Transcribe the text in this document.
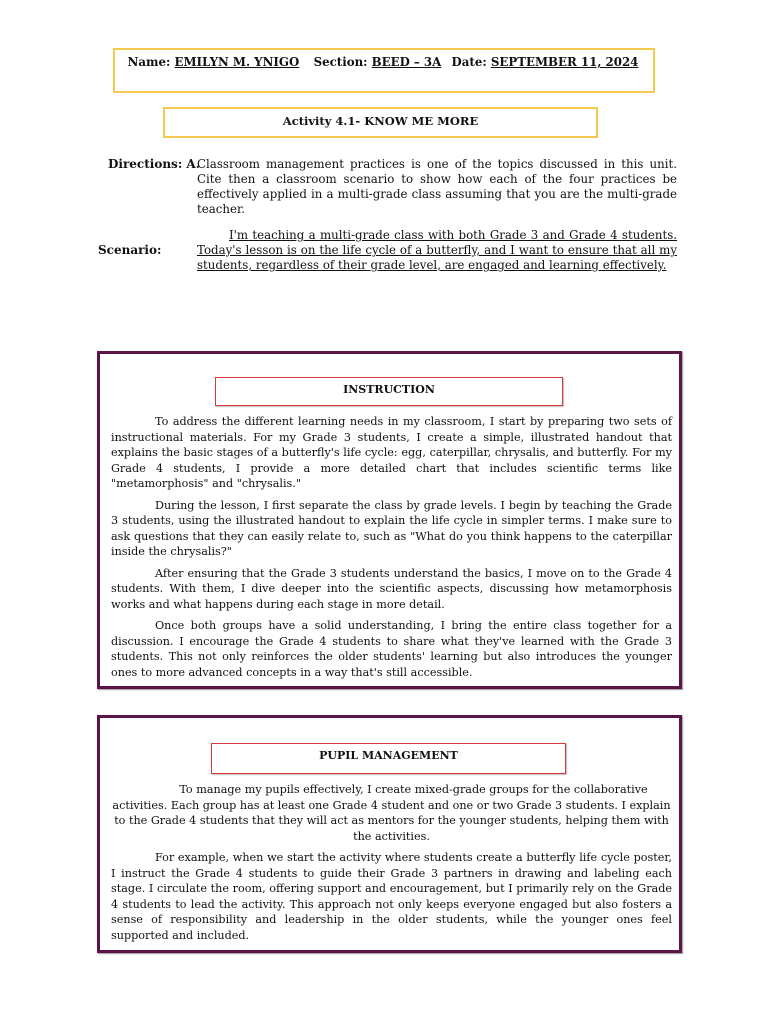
Name: EMILYN M. YNIGO Section: BEED – 3A Date: SEPTEMBER 11, 2024
Activity 4.1- KNOW ME MORE
Directions: A.
Classroom management practices is one of the topics discussed in this unit. Cite then a classroom scenario to show how each of the four practices be effectively applied in a multi-grade class assuming that you are the multi-grade teacher.
Scenario:
I'm teaching a multi-grade class with both Grade 3 and Grade 4 students. Today's lesson is on the life cycle of a butterfly, and I want to ensure that all my students, regardless of their grade level, are engaged and learning effectively.
INSTRUCTION

To address the different learning needs in my classroom, I start by preparing two sets of instructional materials. For my Grade 3 students, I create a simple, illustrated handout that explains the basic stages of a butterfly's life cycle: egg, caterpillar, chrysalis, and butterfly. For my Grade 4 students, I provide a more detailed chart that includes scientific terms like "metamorphosis" and "chrysalis."

During the lesson, I first separate the class by grade levels. I begin by teaching the Grade 3 students, using the illustrated handout to explain the life cycle in simpler terms. I make sure to ask questions that they can easily relate to, such as "What do you think happens to the caterpillar inside the chrysalis?"

After ensuring that the Grade 3 students understand the basics, I move on to the Grade 4 students. With them, I dive deeper into the scientific aspects, discussing how metamorphosis works and what happens during each stage in more detail.

Once both groups have a solid understanding, I bring the entire class together for a discussion. I encourage the Grade 4 students to share what they've learned with the Grade 3 students. This not only reinforces the older students' learning but also introduces the younger ones to more advanced concepts in a way that's still accessible.

PUPIL MANAGEMENT

To manage my pupils effectively, I create mixed-grade groups for the collaborative activities. Each group has at least one Grade 4 student and one or two Grade 3 students. I explain to the Grade 4 students that they will act as mentors for the younger students, helping them with the activities.

For example, when we start the activity where students create a butterfly life cycle poster, I instruct the Grade 4 students to guide their Grade 3 partners in drawing and labeling each stage. I circulate the room, offering support and encouragement, but I primarily rely on the Grade 4 students to lead the activity. This approach not only keeps everyone engaged but also fosters a sense of responsibility and leadership in the older students, while the younger ones feel supported and included.
